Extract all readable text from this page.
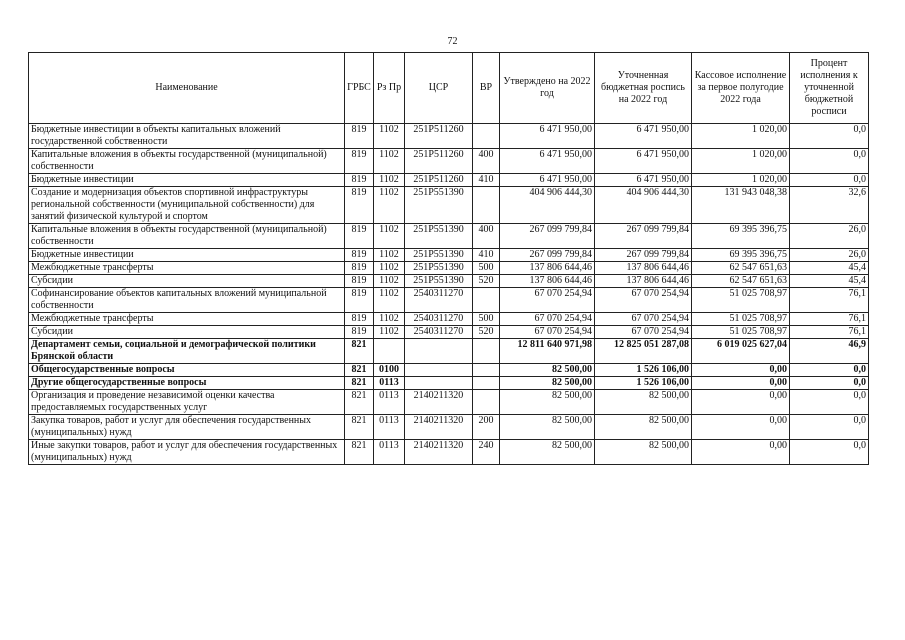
72
Наименование	ГРБС	Рз Пр	ЦСР	ВР	Утверждено на 2022 год	Уточненная бюджетная роспись на 2022 год	Кассовое исполнение за первое полугодие 2022 года	Процент исполнения к уточненной бюджетной росписи
Бюджетные инвестиции в объекты капитальных вложений государственной собственности	819	1102	251P511260		6 471 950,00	6 471 950,00	1 020,00	0,0
Капитальные вложения в объекты государственной (муниципальной) собственности	819	1102	251P511260	400	6 471 950,00	6 471 950,00	1 020,00	0,0
Бюджетные инвестиции	819	1102	251P511260	410	6 471 950,00	6 471 950,00	1 020,00	0,0
Создание и модернизация объектов спортивной инфраструктуры региональной собственности (муниципальной собственности) для занятий физической культурой и спортом	819	1102	251P551390		404 906 444,30	404 906 444,30	131 943 048,38	32,6
Капитальные вложения в объекты государственной (муниципальной) собственности	819	1102	251P551390	400	267 099 799,84	267 099 799,84	69 395 396,75	26,0
Бюджетные инвестиции	819	1102	251P551390	410	267 099 799,84	267 099 799,84	69 395 396,75	26,0
Межбюджетные трансферты	819	1102	251P551390	500	137 806 644,46	137 806 644,46	62 547 651,63	45,4
Субсидии	819	1102	251P551390	520	137 806 644,46	137 806 644,46	62 547 651,63	45,4
Софинансирование объектов капитальных вложений муниципальной собственности	819	1102	2540311270		67 070 254,94	67 070 254,94	51 025 708,97	76,1
Межбюджетные трансферты	819	1102	2540311270	500	67 070 254,94	67 070 254,94	51 025 708,97	76,1
Субсидии	819	1102	2540311270	520	67 070 254,94	67 070 254,94	51 025 708,97	76,1
Департамент семьи, социальной и демографической политики Брянской области	821				12 811 640 971,98	12 825 051 287,08	6 019 025 627,04	46,9
Общегосударственные вопросы	821	0100			82 500,00	1 526 106,00	0,00	0,0
Другие общегосударственные вопросы	821	0113			82 500,00	1 526 106,00	0,00	0,0
Организация и проведение независимой оценки качества предоставляемых государственных услуг	821	0113	2140211320		82 500,00	82 500,00	0,00	0,0
Закупка товаров, работ и услуг для обеспечения государственных (муниципальных) нужд	821	0113	2140211320	200	82 500,00	82 500,00	0,00	0,0
Иные закупки товаров, работ и услуг для обеспечения государственных (муниципальных) нужд	821	0113	2140211320	240	82 500,00	82 500,00	0,00	0,0
